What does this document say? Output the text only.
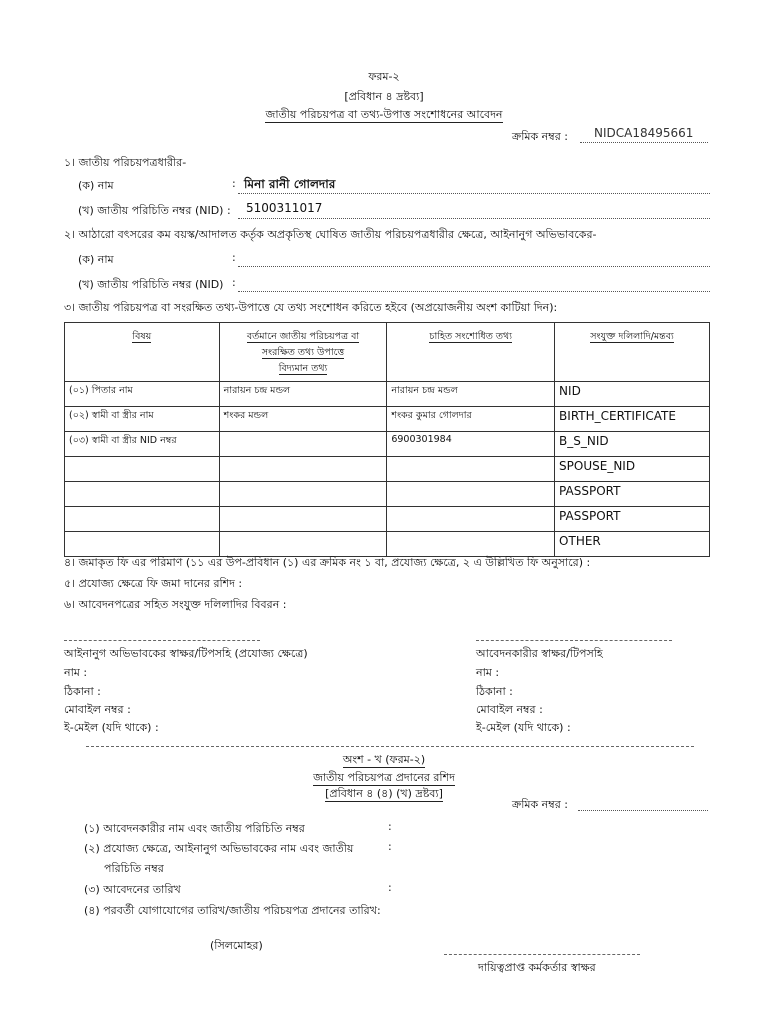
ফরম-২
[প্রবিধান ৪ দ্রষ্টব্য]
জাতীয় পরিচয়পত্র বা তথ্য-উপাত্ত সংশোধনের আবেদন
ক্রমিক নম্বর : NIDCA18495661
১। জাতীয় পরিচয়পত্রধারীর-
(ক) নাম	: মিনা রানী গোলদার
(খ) জাতীয় পরিচিতি নম্বর (NID) : 5100311017
২। আঠারো বৎসরের কম বয়স্ক/আদালত কর্তৃক অপ্রকৃতিস্থ ঘোষিত জাতীয় পরিচয়পত্রধারীর ক্ষেত্রে, আইনানুগ অভিভাবকের-
(ক) নাম	:
(খ) জাতীয় পরিচিতি নম্বর (NID) :
৩। জাতীয় পরিচয়পত্র বা সংরক্ষিত তথ্য-উপাত্তে যে তথ্য সংশোধন করিতে হইবে (অপ্রয়োজনীয় অংশ কাটিয়া দিন):
বিষয়	বর্তমানে জাতীয় পরিচয়পত্র বা
সংরক্ষিত তথ্য উপাত্তে
বিদ্যমান তথ্য	চাহিত সংশোধিত তথ্য	সংযুক্ত দলিলাদি/মন্তব্য
(০১) পিতার নাম	নারায়ন চন্দ্র মন্ডল	নারায়ন চন্দ্র মন্ডল	NID
(০২) স্বামী বা স্ত্রীর নাম	শংকর মন্ডল	শংকর কুমার গোলদার	BIRTH_CERTIFICATE
(০৩) স্বামী বা স্ত্রীর NID নম্বর		6900301984	B_S_NID
			SPOUSE_NID
			PASSPORT
			PASSPORT
			OTHER
৪। জমাকৃত ফি এর পরিমাণ (১১ এর উপ-প্রবিধান (১) এর ক্রমিক নং ১ বা, প্রযোজ্য ক্ষেত্রে, ২ এ উল্লিখিত ফি অনুসারে) :
৫। প্রযোজ্য ক্ষেত্রে ফি জমা দানের রশিদ :
৬। আবেদনপত্রের সহিত সংযুক্ত দলিলাদির বিবরন :
আইনানুগ অভিভাবকের স্বাক্ষর/টিপসহি (প্রযোজ্য ক্ষেত্রে)
নাম :
ঠিকানা :
মোবাইল নম্বর :
ই-মেইল (যদি থাকে) :
আবেদনকারীর স্বাক্ষর/টিপসহি
নাম :
ঠিকানা :
মোবাইল নম্বর :
ই-মেইল (যদি থাকে) :
অংশ - খ (ফরম-২)
জাতীয় পরিচয়পত্র প্রদানের রশিদ
[প্রবিধান ৪ (৪) (খ) দ্রষ্টব্য]
ক্রমিক নম্বর :
(১) আবেদনকারীর নাম এবং জাতীয় পরিচিতি নম্বর	:
(২) প্রযোজ্য ক্ষেত্রে, আইনানুগ অভিভাবকের নাম এবং জাতীয়	:
পরিচিতি নম্বর
(৩) আবেদনের তারিখ	:
(৪) পরবর্তী যোগাযোগের তারিখ/জাতীয় পরিচয়পত্র প্রদানের তারিখ:
(সিলমোহর)
দায়িত্বপ্রাপ্ত কর্মকর্তার স্বাক্ষর
